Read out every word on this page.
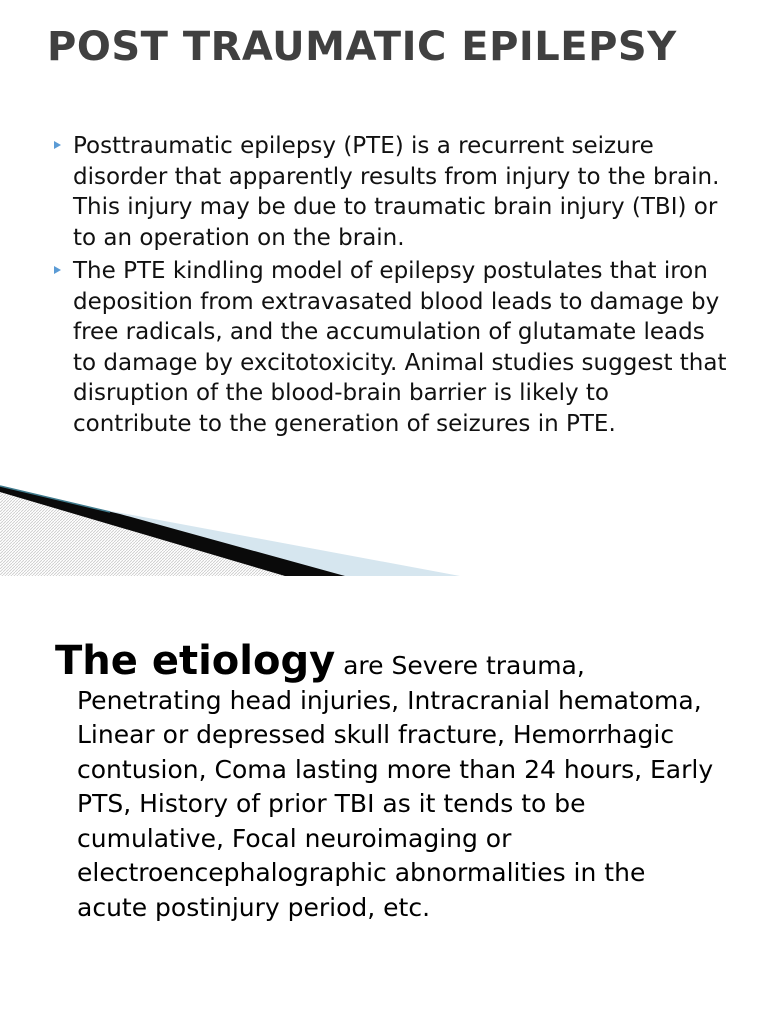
POST TRAUMATIC EPILEPSY
Posttraumatic epilepsy (PTE) is a recurrent seizure disorder that apparently results from injury to the brain. This injury may be due to traumatic brain injury (TBI) or to an operation on the brain.
The PTE kindling model of epilepsy postulates that iron deposition from extravasated blood leads to damage by free radicals, and the accumulation of glutamate leads to damage by excitotoxicity. Animal studies suggest that disruption of the blood-brain barrier is likely to contribute to the generation of seizures in PTE.
The etiology are Severe trauma,
Penetrating head injuries, Intracranial hematoma, Linear or depressed skull fracture, Hemorrhagic contusion, Coma lasting more than 24 hours, Early PTS, History of prior TBI as it tends to be cumulative, Focal neuroimaging or electroencephalographic abnormalities in the acute postinjury period, etc.
